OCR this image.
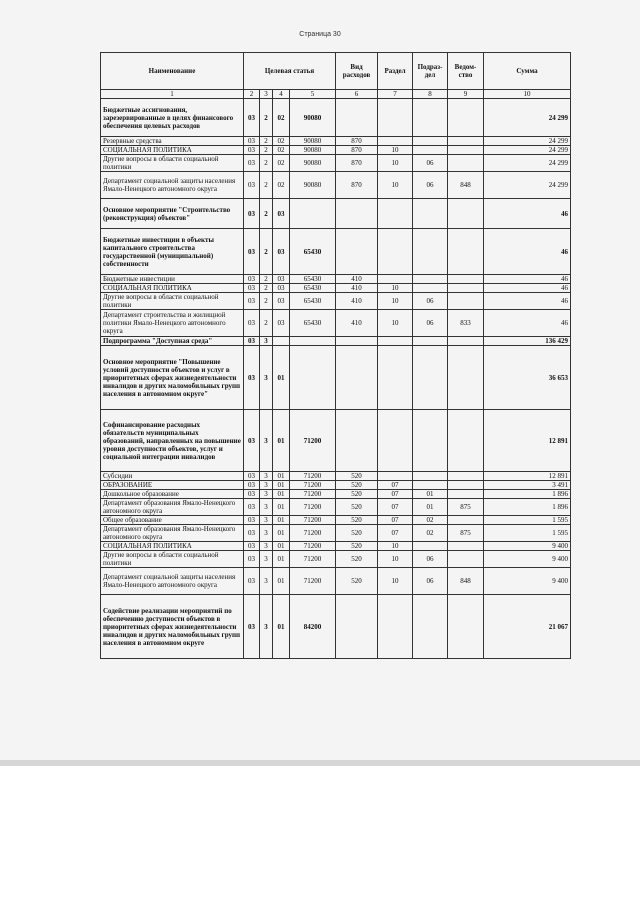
Страница 30
Наименование	Целевая статья				Вид расходов	Раздел	Подраз-дел	Ведом-ство	Сумма
1	2	3	4	5	6	7	8	9	10
Бюджетные ассигнования, зарезервированные в целях финансового обеспечения целевых расходов	03	2	02	90080					24 299
Резервные средства	03	2	02	90080	870				24 299
СОЦИАЛЬНАЯ ПОЛИТИКА	03	2	02	90080	870	10			24 299
Другие вопросы в области социальной политики	03	2	02	90080	870	10	06		24 299
Департамент социальной защиты населения Ямало-Ненецкого автономного округа	03	2	02	90080	870	10	06	848	24 299
Основное мероприятие "Строительство (реконструкция) объектов"	03	2	03						46
Бюджетные инвестиции в объекты капитального строительства государственной (муниципальной) собственности	03	2	03	65430					46
Бюджетные инвестиции	03	2	03	65430	410				46
СОЦИАЛЬНАЯ ПОЛИТИКА	03	2	03	65430	410	10			46
Другие вопросы в области социальной политики	03	2	03	65430	410	10	06		46
Департамент строительства и жилищной политики Ямало-Ненецкого автономного округа	03	2	03	65430	410	10	06	833	46
Подпрограмма "Доступная среда"	03	3							136 429
Основное мероприятие "Повышение условий доступности объектов и услуг в приоритетных сферах жизнедеятельности инвалидов и других маломобильных групп населения в автономном округе"	03	3	01						36 653
Софинансирование расходных обязательств муниципальных образований, направленных на повышение уровня доступности объектов, услуг и социальной интеграции инвалидов	03	3	01	71200					12 891
Субсидии	03	3	01	71200	520				12 891
ОБРАЗОВАНИЕ	03	3	01	71200	520	07			3 491
Дошкольное образование	03	3	01	71200	520	07	01		1 896
Департамент образования Ямало-Ненецкого автономного округа	03	3	01	71200	520	07	01	875	1 896
Общее образование	03	3	01	71200	520	07	02		1 595
Департамент образования Ямало-Ненецкого автономного округа	03	3	01	71200	520	07	02	875	1 595
СОЦИАЛЬНАЯ ПОЛИТИКА	03	3	01	71200	520	10			9 400
Другие вопросы в области социальной политики	03	3	01	71200	520	10	06		9 400
Департамент социальной защиты населения Ямало-Ненецкого автономного округа	03	3	01	71200	520	10	06	848	9 400
Содействие реализации мероприятий по обеспечению доступности объектов в приоритетных сферах жизнедеятельности инвалидов и других маломобильных групп населения в автономном округе	03	3	01	84200					21 067
